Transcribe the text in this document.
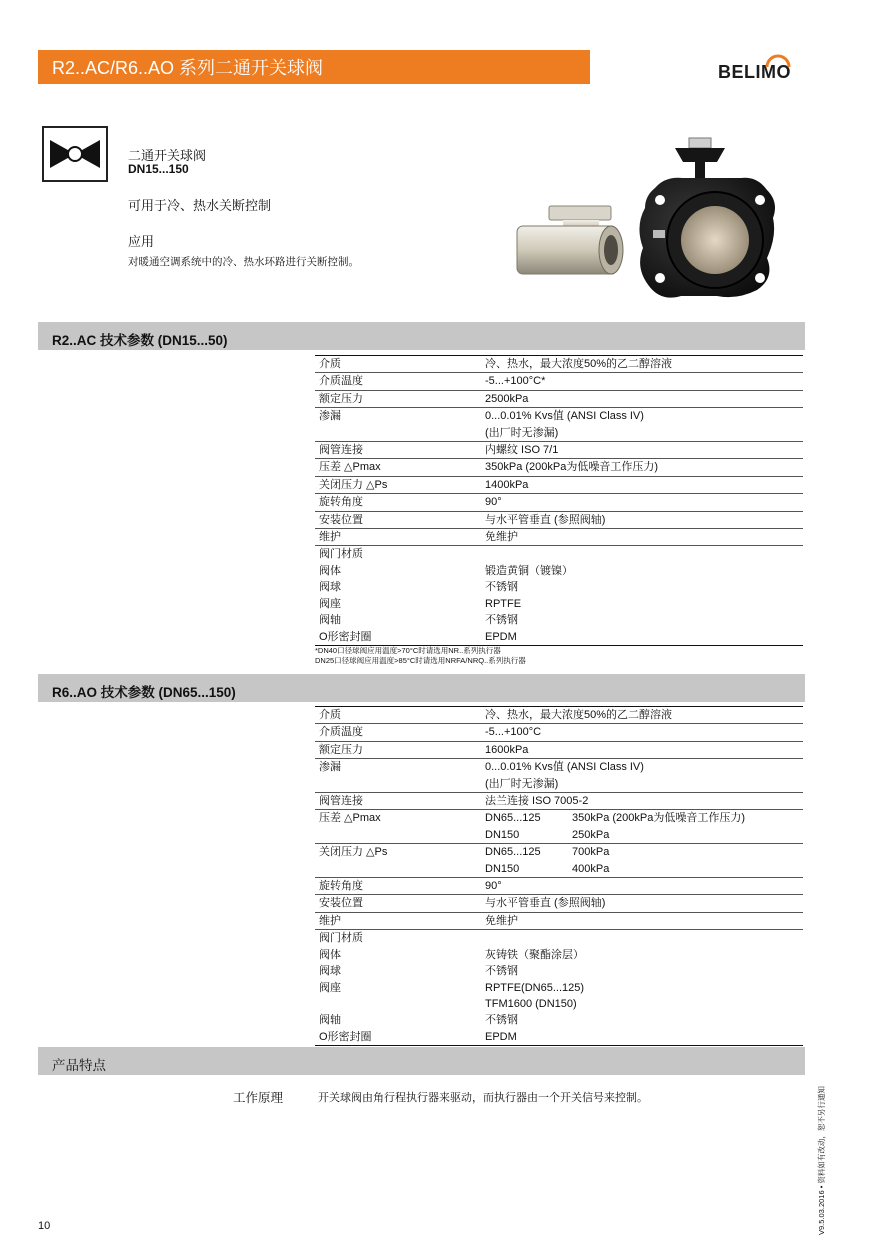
R2..AC/R6..AO 系列二通开关球阀	BELIMO
二通开关球阀
DN15...150
可用于冷、热水关断控制
应用
对暖通空调系统中的冷、热水环路进行关断控制。
R2..AC 技术参数 (DN15...50)
介质	冷、热水，最大浓度50%的乙二醇溶液
介质温度	-5...+100°C*
额定压力	2500kPa
渗漏	0...0.01% Kvs值 (ANSI Class IV)
	(出厂时无渗漏)
阀管连接	内螺纹 ISO 7/1
压差 △Pmax	350kPa (200kPa为低噪音工作压力)
关闭压力 △Ps	1400kPa
旋转角度	90°
安装位置	与水平管垂直 (参照阀轴)
维护	免维护
阀门材质	
阀体	锻造黄铜（镀镍）
阀球	不锈钢
阀座	RPTFE
阀轴	不锈钢
O形密封圈	EPDM
*DN40口径球阀应用温度>70°C时请选用NR..系列执行器
DN25口径球阀应用温度>85°C时请选用NRFA/NRQ..系列执行器
R6..AO 技术参数 (DN65...150)
介质	冷、热水，最大浓度50%的乙二醇溶液
介质温度	-5...+100°C
额定压力	1600kPa
渗漏	0...0.01% Kvs值 (ANSI Class IV)
	(出厂时无渗漏)
阀管连接	法兰连接 ISO 7005-2
压差 △Pmax	DN65...125 350kPa (200kPa为低噪音工作压力)
	DN150 250kPa
关闭压力 △Ps	DN65...125 700kPa
	DN150 400kPa
旋转角度	90°
安装位置	与水平管垂直 (参照阀轴)
维护	免维护
阀门材质	
阀体	灰铸铁（聚酯涂层）
阀球	不锈钢
阀座	RPTFE(DN65...125)
	TFM1600 (DN150)
阀轴	不锈钢
O形密封圈	EPDM
产品特点
工作原理	开关球阀由角行程执行器来驱动，而执行器由一个开关信号来控制。
10	V9.5.03.2016 • 资料如有改动，恕不另行通知
